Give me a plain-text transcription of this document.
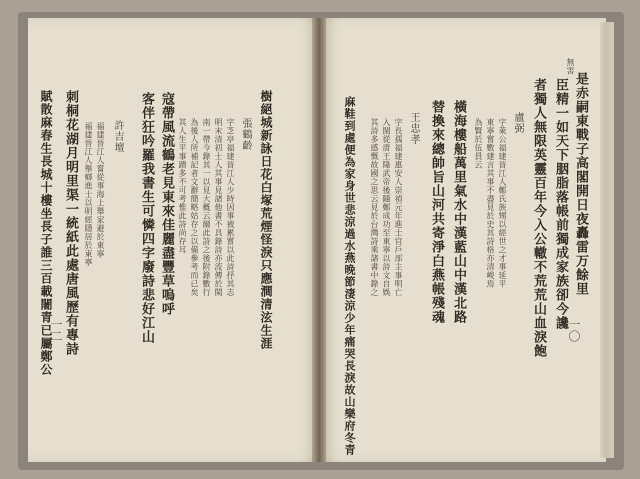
樹絕城新詠日花白塚荒煙怪淚只應澗清泫生涯
張鶴齡
字芝亭福建晉江人少時因事被累嘗以此詩抒其志
明末清初士人其事見諸他書不具錄詩亦流傳於閩
南一帶今錄其一以見大概云爾此詩之後附錄數行
為後人所補記者文辭簡略姑存之以備參考而已矣
其人生平事蹟多不可考惟此詩尚存耳
許吉壇
福建晉江人嘗從事海上舉家避於東寧	寇帶風流鶴老見東來佳麗盡豐草嗚呼
客伴狂吟羅我書生可憐四字廢詩悲好江山
福建晉江人舉鄉進士以明經隱居於東寧
刺桐花湖月明里渠一統紙此處唐風歷有專詩
賦散麻春生長城十樓坐長子誰三百載闍青已屬鄭公
一二
無害
是赤嗣東戰子高閣開日夜轟雷万餘里
臣精一如天下胭脂落帳前獨成家族卻今讒
者獨人無限英靈百年今入公轍不荒荒山血淚飽
盧弼
字萊公福建晉江人鄭氏族甥以經世之才事延平
東寧嘗數建言其事不盡見於史其詩格亦清峻焉
為賢於伍員云
橫海樓船萬里氣水中漢藍山中漢北路
替換來總帥旨山河共寄淨白燕帳殘魂
王忠孝
字長孺福建惠安人崇禎元年進士官戶部主事明亡
入閩從唐王隆武帝後隨鄭成功至東寧以詩文自娛
其詩多感慨故國之思云見於台灣詩乘諸書中錄之
麻鞋到處便為家身世悲涼過水燕晚節淒涼少年痛哭長淚故山樂府冬青	一〇
